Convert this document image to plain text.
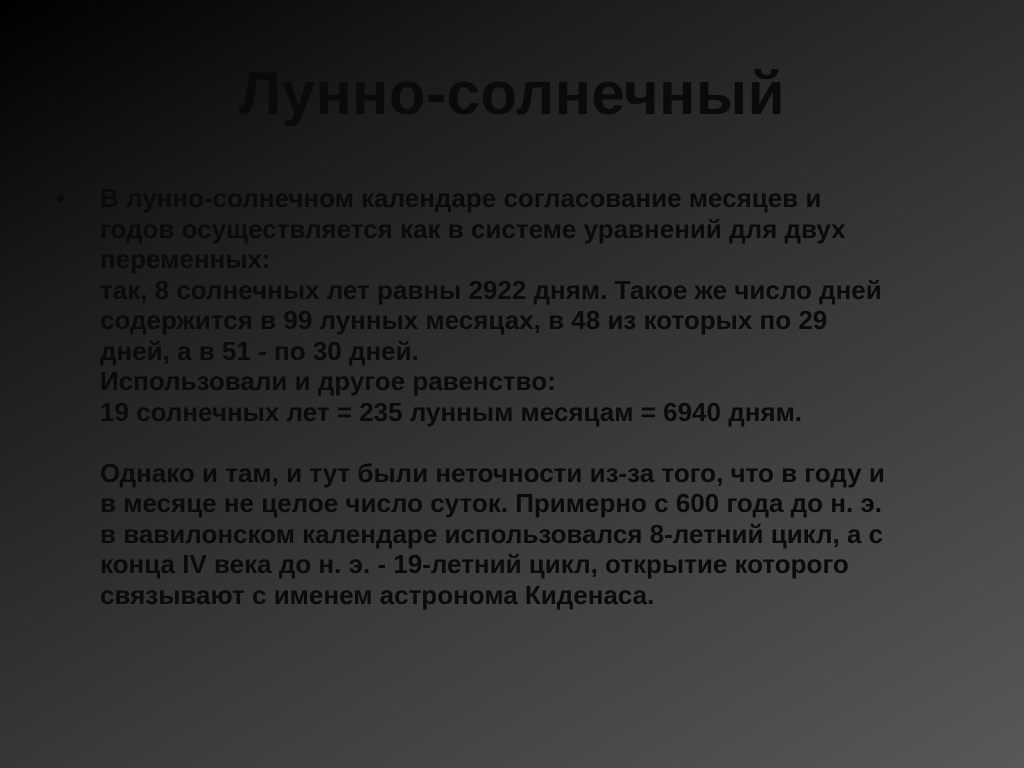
Лунно-солнечный
•	В лунно-солнечном календаре согласование месяцев и
годов осуществляется как в системе уравнений для двух
переменных:
так, 8 солнечных лет равны 2922 дням. Такое же число дней
содержится в 99 лунных месяцах, в 48 из которых по 29
дней, а в 51 - по 30 дней.
Использовали и другое равенство:
19 солнечных лет = 235 лунным месяцам = 6940 дням.
Однако и там, и тут были неточности из-за того, что в году и
в месяце не целое число суток. Примерно с 600 года до н. э.
в вавилонском календаре использовался 8-летний цикл, а с
конца IV века до н. э. - 19-летний цикл, открытие которого
связывают с именем астронома Киденаса.
